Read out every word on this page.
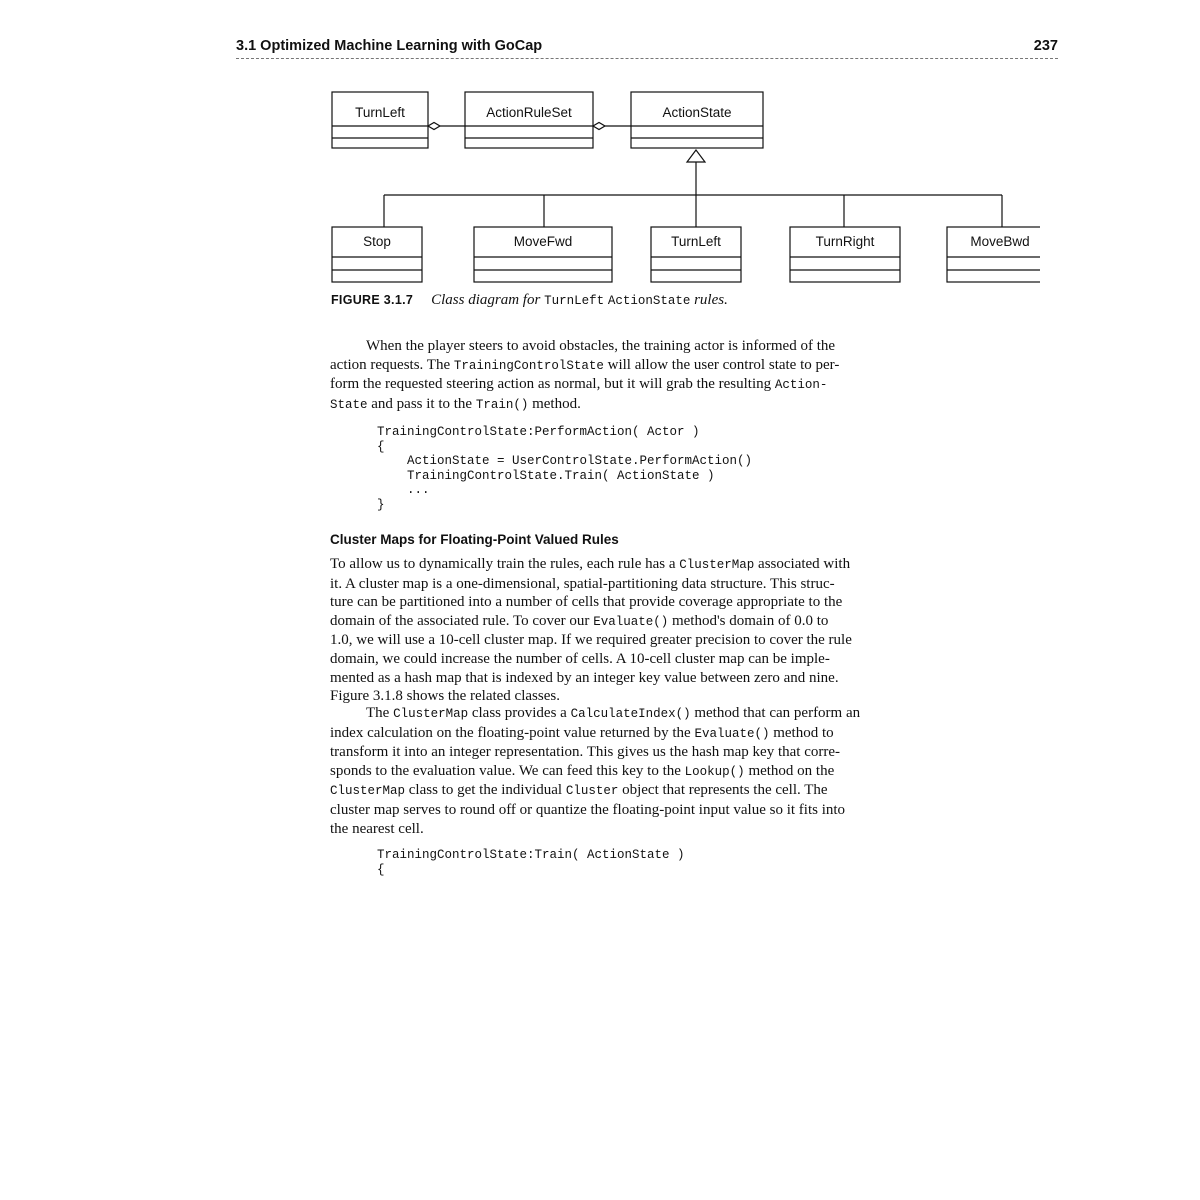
3.1 Optimized Machine Learning with GoCap	237
TurnLeft	ActionRuleSet	ActionState
Stop	MoveFwd	TurnLeft	TurnRight	MoveBwd
FIGURE 3.1.7 Class diagram for TurnLeft ActionState rules.
When the player steers to avoid obstacles, the training actor is informed of the
action requests. The TrainingControlState will allow the user control state to per-
form the requested steering action as normal, but it will grab the resulting Action-
State and pass it to the Train() method.
TrainingControlState:PerformAction( Actor )
{
ActionState = UserControlState.PerformAction()
TrainingControlState.Train( ActionState )
...
}
Cluster Maps for Floating-Point Valued Rules
To allow us to dynamically train the rules, each rule has a ClusterMap associated with
it. A cluster map is a one-dimensional, spatial-partitioning data structure. This struc-
ture can be partitioned into a number of cells that provide coverage appropriate to the
domain of the associated rule. To cover our Evaluate() method's domain of 0.0 to
1.0, we will use a 10-cell cluster map. If we required greater precision to cover the rule
domain, we could increase the number of cells. A 10-cell cluster map can be imple-
mented as a hash map that is indexed by an integer key value between zero and nine.
Figure 3.1.8 shows the related classes.
The ClusterMap class provides a CalculateIndex() method that can perform an
index calculation on the floating-point value returned by the Evaluate() method to
transform it into an integer representation. This gives us the hash map key that corre-
sponds to the evaluation value. We can feed this key to the Lookup() method on the
ClusterMap class to get the individual Cluster object that represents the cell. The
cluster map serves to round off or quantize the floating-point input value so it fits into
the nearest cell.
TrainingControlState:Train( ActionState )
{
